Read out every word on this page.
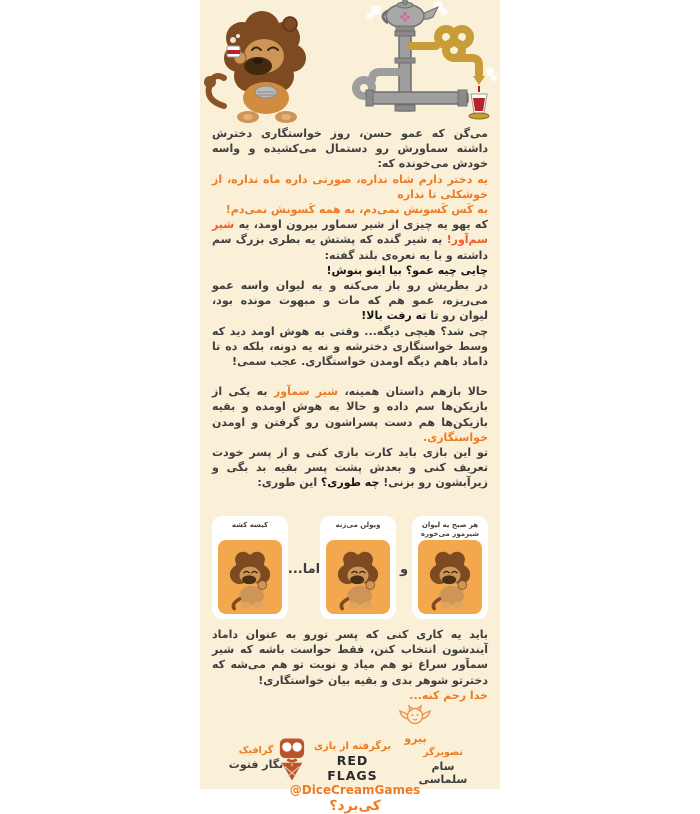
می‌گن که عمو حسن، روز خواستگاری دخترش داشته سماورش رو دستمال می‌کشیده و واسه خودش می‌خونده که:

یه دختر دارم شاه نداره، صورتی داره ماه نداره، از خوشکلی تا نداره

به کَس کَسونش نمی‌دم، به همه کَسونش نمی‌دم!

که یهو یه چیزی از شیر سماور بیرون اومد، یه شیر سم‌آور! یه شیر گنده که پشتش یه بطری بزرگ سم داشته و با یه نعره‌ی بلند گفته:

چایی چیه عمو؟ بیا اینو بنوش!

در بطریش رو باز می‌کنه و یه لیوان واسه عمو می‌ریزه، عمو هم که مات و مبهوت مونده بود، لیوان رو تا ته رفت بالا!

چی شد؟ هیچی دیگه... وقتی به هوش اومد دید که وسط خواستگاری دخترشه و نه یه دونه، بلکه ده تا داماد باهم دیگه اومدن خواستگاری. عجب سمی!

حالا بازهم داستان همینه، شیر سمآور به یکی از بازیکن‌ها سم داده و حالا به هوش اومده و بقیه بازیکن‌ها هم دست پسراشون رو گرفتن و اومدن خواستگاری.

تو این بازی باید کارت بازی کنی و از پسر خودت تعریف کنی و بعدش پشت پسر بقیه بد بگی و زیرآبشون رو بزنی! چه طوری؟ این طوری:

هر صبح یه لیوان شیرموز می‌خوره
و
ویولن می‌زنه
اما...
کیسه کشه

باید یه کاری کنی که پسر تورو به عنوان داماد آیندشون انتخاب کنن، فقط حواست باشه که شیر سمآور سراغ تو هم میاد و نوبت تو هم می‌شه که دخترتو شوهر بدی و بقیه بیان خواستگاری!

خدا رحم کنه...

پیرو
برگرفته از بازی
RED FLAGS
@DiceCreamGames
کی‌برد؟
تصویرگر
سام سلماسی
گرافیک
نگار فتوت
